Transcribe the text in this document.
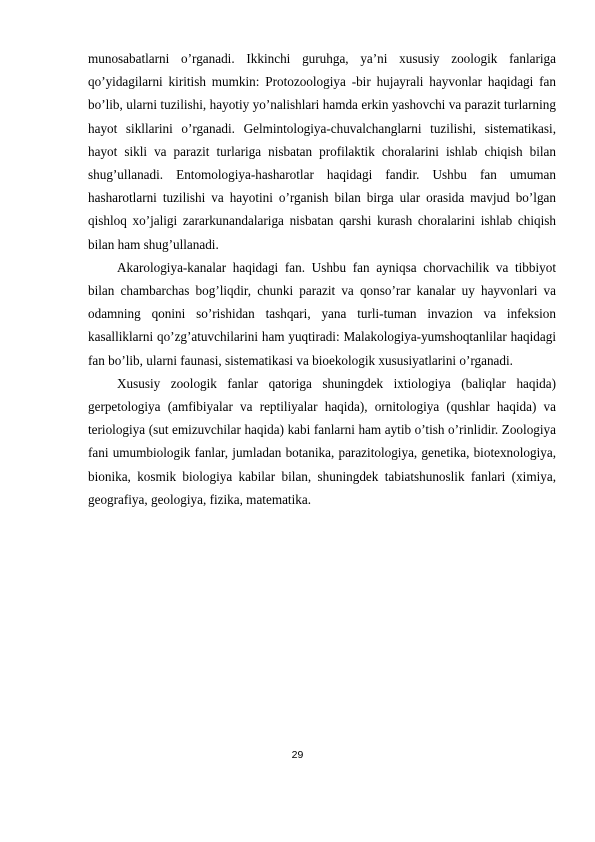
munosabatlarni o’rganadi. Ikkinchi guruhga, ya’ni xususiy zoologik fanlariga qo’yidagilarni kiritish mumkin: Protozoologiya -bir hujayrali hayvonlar haqidagi fan bo’lib, ularni tuzilishi, hayotiy yo’nalishlari hamda erkin yashovchi va parazit turlarning hayot sikllarini o’rganadi. Gelmintologiya-chuvalchanglarni tuzilishi, sistematikasi, hayot sikli va parazit turlariga nisbatan profilaktik choralarini ishlab chiqish bilan shug’ullanadi. Entomologiya-hasharotlar haqidagi fandir. Ushbu fan umuman hasharotlarni tuzilishi va hayotini o’rganish bilan birga ular orasida mavjud bo’lgan qishloq xo’jaligi zararkunandalariga nisbatan qarshi kurash choralarini ishlab chiqish bilan ham shug’ullanadi.

Akarologiya-kanalar haqidagi fan. Ushbu fan ayniqsa chorvachilik va tibbiyot bilan chambarchas bog’liqdir, chunki parazit va qonso’rar kanalar uy hayvonlari va odamning qonini so’rishidan tashqari, yana turli-tuman invazion va infeksion kasalliklarni qo’zg’atuvchilarini ham yuqtiradi: Malakologiya-yumshoqtanlilar haqidagi fan bo’lib, ularni faunasi, sistematikasi va bioekologik xususiyatlarini o’rganadi.

Xususiy zoologik fanlar qatoriga shuningdek ixtiologiya (baliqlar haqida) gerpetologiya (amfibiyalar va reptiliyalar haqida), ornitologiya (qushlar haqida) va teriologiya (sut emizuvchilar haqida) kabi fanlarni ham aytib o’tish o’rinlidir. Zoologiya fani umumbiologik fanlar, jumladan botanika, parazitologiya, genetika, biotexnologiya, bionika, kosmik biologiya kabilar bilan, shuningdek tabiatshunoslik fanlari (ximiya, geografiya, geologiya, fizika, matematika.

29
